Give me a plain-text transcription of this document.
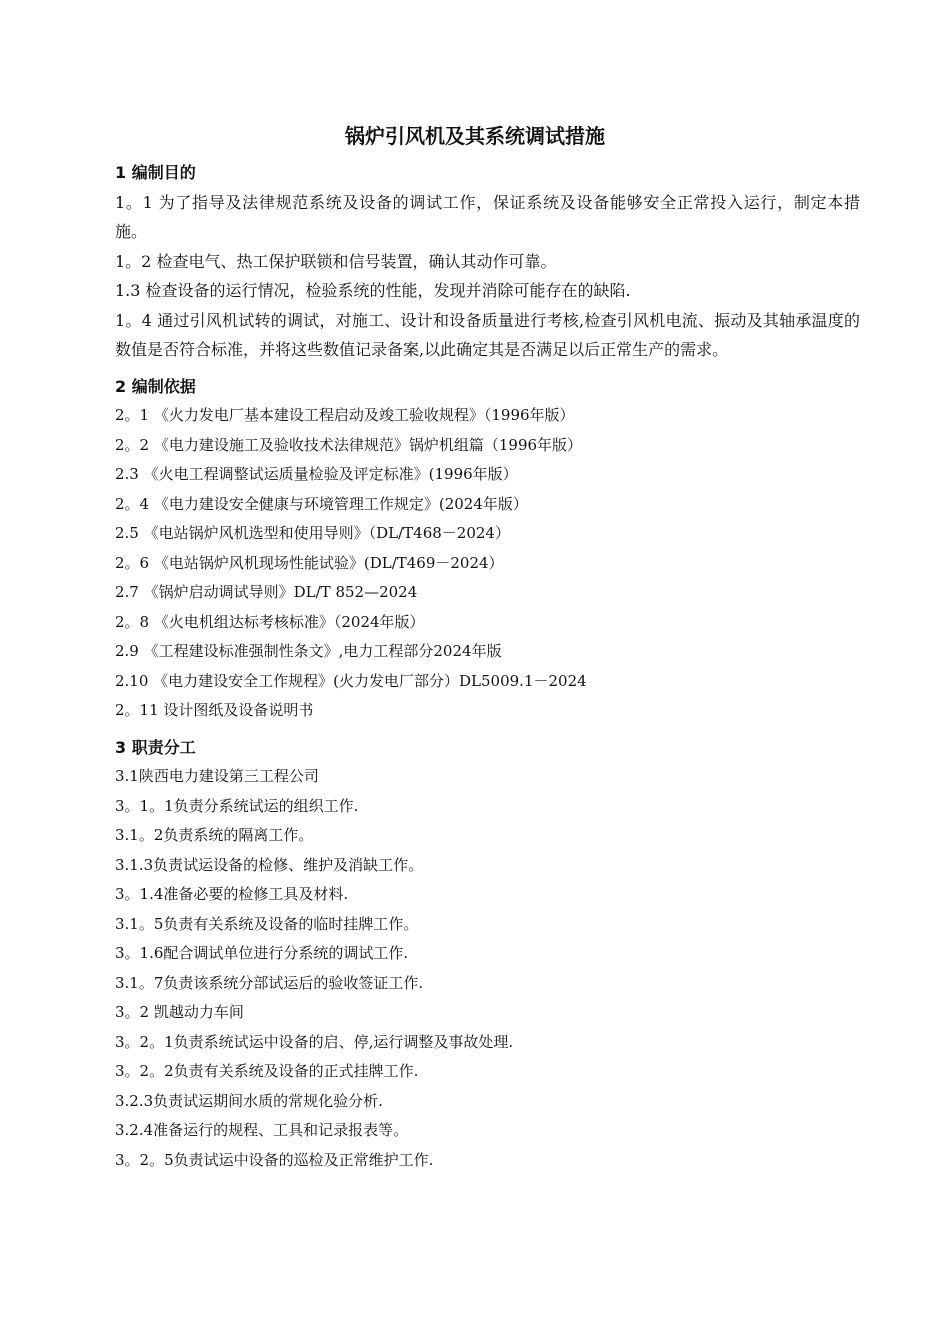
锅炉引风机及其系统调试措施
1 编制目的

1。1 为了指导及法律规范系统及设备的调试工作，保证系统及设备能够安全正常投入运行，制定本措施。

1。2 检查电气、热工保护联锁和信号装置，确认其动作可靠。

1.3 检查设备的运行情况，检验系统的性能，发现并消除可能存在的缺陷.

1。4 通过引风机试转的调试，对施工、设计和设备质量进行考核,检查引风机电流、振动及其轴承温度的数值是否符合标准，并将这些数值记录备案,以此确定其是否满足以后正常生产的需求。

2 编制依据

2。1 《火力发电厂基本建设工程启动及竣工验收规程》（1996年版）

2。2 《电力建设施工及验收技术法律规范》锅炉机组篇（1996年版）

2.3 《火电工程调整试运质量检验及评定标准》(1996年版）

2。4 《电力建设安全健康与环境管理工作规定》(2024年版）

2.5 《电站锅炉风机选型和使用导则》（DL/T468－2024）

2。6 《电站锅炉风机现场性能试验》(DL/T469－2024）

2.7 《锅炉启动调试导则》DL/T 852—2024

2。8 《火电机组达标考核标准》（2024年版）

2.9 《工程建设标准强制性条文》,电力工程部分2024年版

2.10 《电力建设安全工作规程》(火力发电厂部分）DL5009.1－2024

2。11 设计图纸及设备说明书

3 职责分工

3.1陕西电力建设第三工程公司

3。1。1负责分系统试运的组织工作.

3.1。2负责系统的隔离工作。

3.1.3负责试运设备的检修、维护及消缺工作。

3。1.4准备必要的检修工具及材料.

3.1。5负责有关系统及设备的临时挂牌工作。

3。1.6配合调试单位进行分系统的调试工作.

3.1。7负责该系统分部试运后的验收签证工作.

3。2 凯越动力车间

3。2。1负责系统试运中设备的启、停,运行调整及事故处理.

3。2。2负责有关系统及设备的正式挂牌工作.

3.2.3负责试运期间水质的常规化验分析.

3.2.4准备运行的规程、工具和记录报表等。

3。2。5负责试运中设备的巡检及正常维护工作.
